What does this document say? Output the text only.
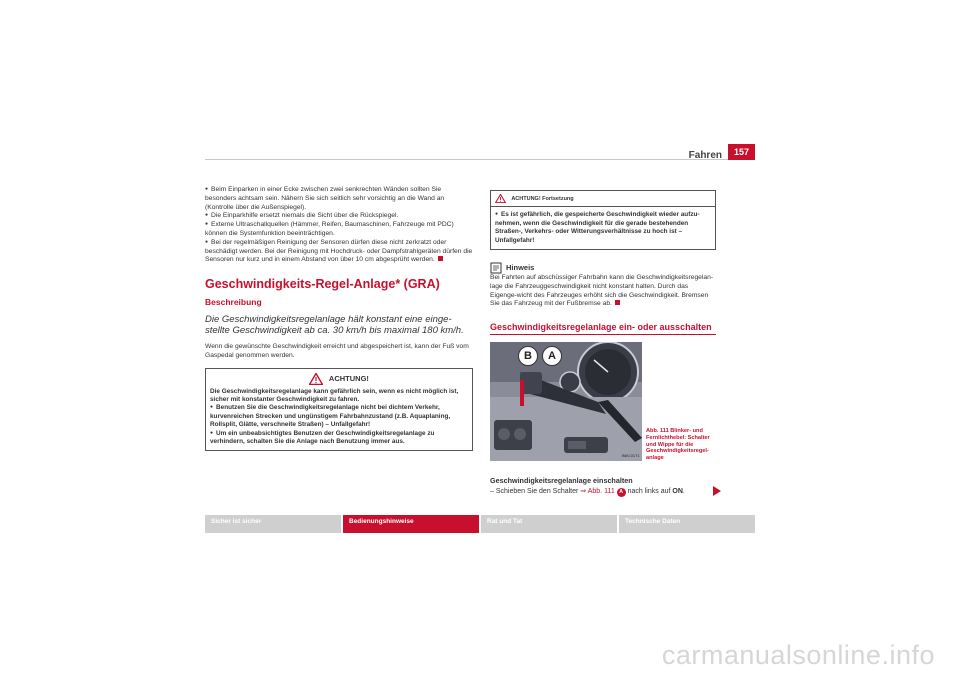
Fahren	157

● Beim Einparken in einer Ecke zwischen zwei senkrechten Wänden sollten Sie besonders achtsam sein. Nähern Sie sich seitlich sehr vorsichtig an die Wand an (Kontrolle über die Außenspiegel).

● Die Einparkhilfe ersetzt niemals die Sicht über die Rückspiegel.

● Externe Ultraschallquellen (Hämmer, Reifen, Baumaschinen, Fahrzeuge mit PDC) können die Systemfunktion beeinträchtigen.

● Bei der regelmäßigen Reinigung der Sensoren dürfen diese nicht zerkratzt oder beschädigt werden. Bei der Reinigung mit Hochdruck- oder Dampfstrahlgeräten dürfen die Sensoren nur kurz und in einem Abstand von über 10 cm abgesprüht werden.

Geschwindigkeits-Regel-Anlage* (GRA)
Beschreibung

Die Geschwindigkeitsregelanlage hält konstant eine einge-stellte Geschwindigkeit ab ca. 30 km/h bis maximal 180 km/h.

Wenn die gewünschte Geschwindigkeit erreicht und abgespeichert ist, kann der Fuß vom Gaspedal genommen werden.

ACHTUNG!

Die Geschwindigkeitsregelanlage kann gefährlich sein, wenn es nicht möglich ist, sicher mit konstanter Geschwindigkeit zu fahren.

● Benutzen Sie die Geschwindigkeitsregelanlage nicht bei dichtem Verkehr, kurvenreichen Strecken und ungünstigem Fahrbahnzustand (z.B. Aquaplaning, Rollsplit, Glätte, verschneite Straßen) – Unfallgefahr!

● Um ein unbeabsichtigtes Benutzen der Geschwindigkeitsregelanlage zu verhindern, schalten Sie die Anlage nach Benutzung immer aus.

ACHTUNG! Fortsetzung

● Es ist gefährlich, die gespeicherte Geschwindigkeit wieder aufzu-nehmen, wenn die Geschwindigkeit für die gerade bestehenden Straßen-, Verkehrs- oder Witterungsverhältnisse zu hoch ist – Unfallgefahr!

Hinweis

Bei Fahrten auf abschüssiger Fahrbahn kann die Geschwindigkeitsregelan-lage die Fahrzeuggeschwindigkeit nicht konstant halten. Durch das Eigenge-wicht des Fahrzeuges erhöht sich die Geschwindigkeit. Bremsen Sie das Fahrzeug mit der Fußbremse ab.

Geschwindigkeitsregelanlage ein- oder ausschalten
B	A
B6V-0171
Abb. 111 Blinker- und Fernlichthebel: Schalter und Wippe für die Geschwindigkeitsregel-anlage
Geschwindigkeitsregelanlage einschalten
– Schieben Sie den Schalter ⇒ Abb. 111 A nach links auf ON.
Sicher ist sicher	Bedienungshinweise	Rat und Tat	Technische Daten
carmanualsonline.info
